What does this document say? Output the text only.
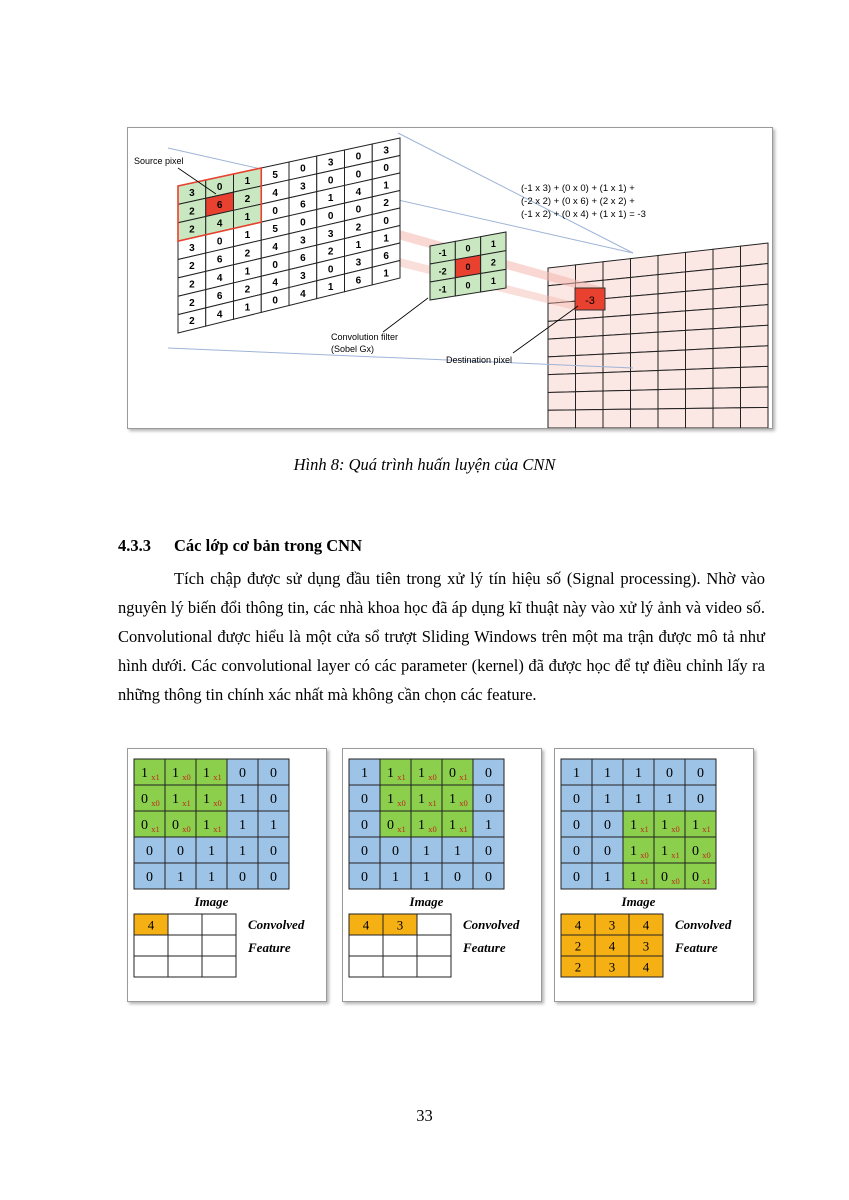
3
0
1
5
0
3
0
3
2
6
2
4
3
0
0
0
2
4
1
0
6
1
4
1
3
0
1
5
0
0
0
2
2
6
2
4
3
3
2
0
2
4
1
0
6
2
1
1
2
6
2
4
3
0
3
6
2
4
1
0
4
1
6
1
-1 0 1
-2 0 2
-1 0 1
-3
Source pixel
Convolution filter
(Sobel Gx)
Destination pixel
(-1 x 3) + (0 x 0) + (1 x 1) +
(-2 x 2) + (0 x 6) + (2 x 2) +
(-1 x 2) + (0 x 4) + (1 x 1) = -3
Hình 8: Quá trình huấn luyện của CNN
4.3.3 Các lớp cơ bản trong CNN

Tích chập được sử dụng đầu tiên trong xử lý tín hiệu số (Signal processing). Nhờ vào nguyên lý biến đổi thông tin, các nhà khoa học đã áp dụng kĩ thuật này vào xử lý ảnh và video số. Convolutional được hiểu là một cửa sổ trượt Sliding Windows trên một ma trận được mô tả như hình dưới. Các convolutional layer có các parameter (kernel) đã được học để tự điều chỉnh lấy ra những thông tin chính xác nhất mà không cần chọn các feature.

1 x1 1 x0 1 x1 0 0
0 x0 1 x1 1 x0 1 0
0 x1 0 x0 1 x1 1 1
0 0 1 1 0
0 1 1 0 0
Image
4	Convolved
Feature
1 1 x1 1 x0 0 x1 0
0 1 x0 1 x1 1 x0 0
0 0 x1 1 x0 1 x1 1
0 0 1 1 0
0 1 1 0 0
Image
4 3	Convolved
Feature
1 1 1 0 0
0 1 1 1 0
0 0 1 x1 1 x0 1 x1
0 0 1 x0 1 x1 0 x0
0 1 1 x1 0 x0 0 x1
Image
4 3 4
2 4 3
2 3 4
Convolved
Feature
33
